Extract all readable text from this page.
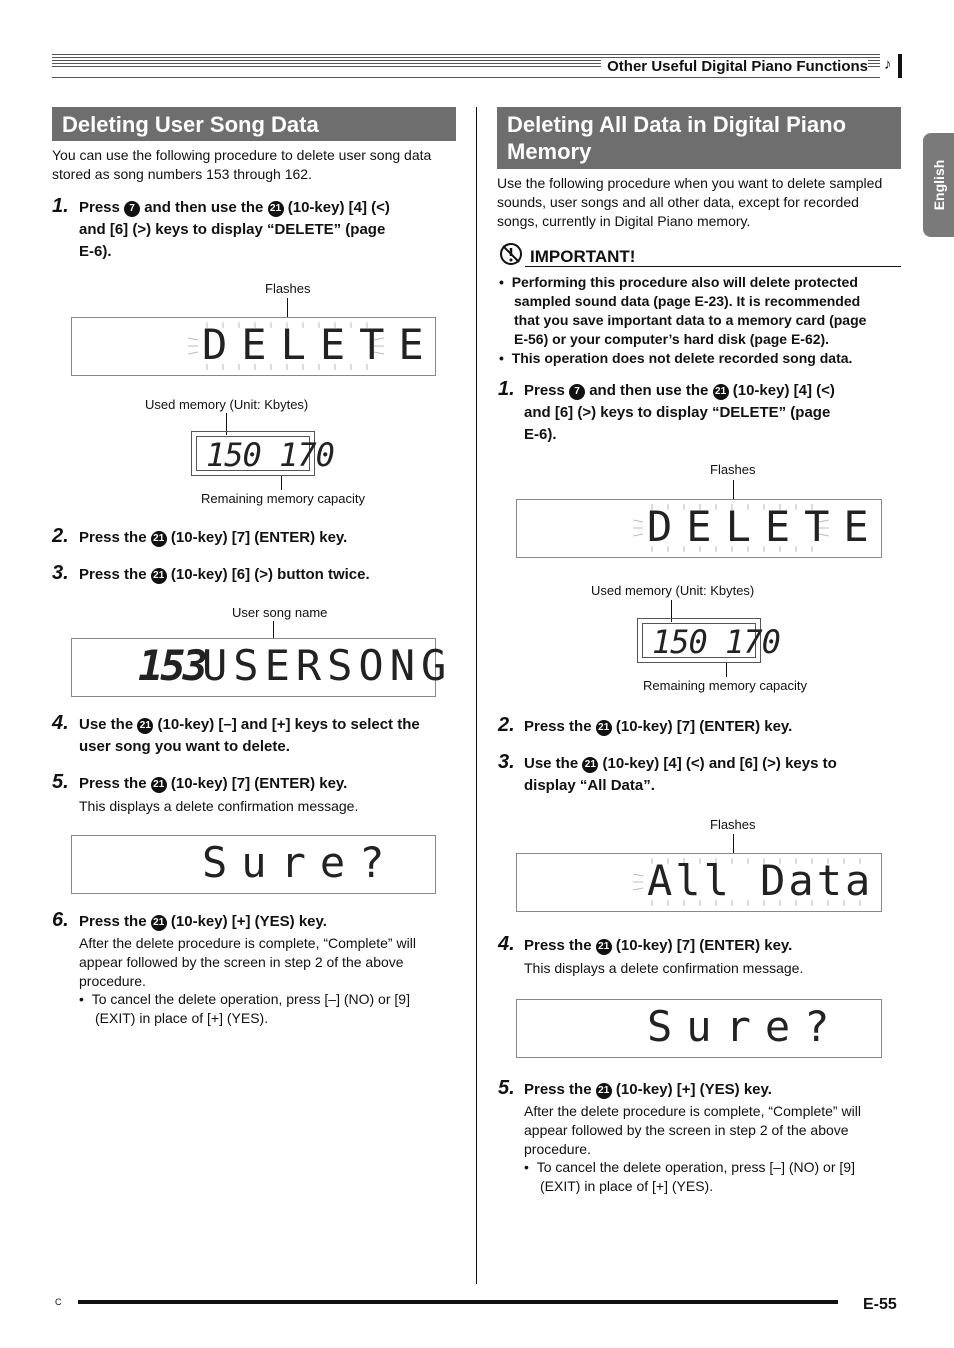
Other Useful Digital Piano Functions ♪
English
Deleting User Song Data
You can use the following procedure to delete user song data
stored as song numbers 153 through 162.
1. Press 7 and then use the 21 (10-key) [4] (<)
and [6] (>) keys to display “DELETE” (page
E-6).
Flashes
DELETE
Used memory (Unit: Kbytes)
150 170
Remaining memory capacity
2. Press the 21 (10-key) [7] (ENTER) key.
3. Press the 21 (10-key) [6] (>) button twice.
User song name
153
USERSONG
4. Use the 21 (10-key) [–] and [+] keys to select the
user song you want to delete.
5. Press the 21 (10-key) [7] (ENTER) key.
This displays a delete confirmation message.
Sure?
6. Press the 21 (10-key) [+] (YES) key.
After the delete procedure is complete, “Complete” will
appear followed by the screen in step 2 of the above
procedure.
•  To cancel the delete operation, press [–] (NO) or [9]
(EXIT) in place of [+] (YES).
Deleting All Data in Digital Piano
Memory
Use the following procedure when you want to delete sampled
sounds, user songs and all other data, except for recorded
songs, currently in Digital Piano memory.
IMPORTANT!
•  Performing this procedure also will delete protected
sampled sound data (page E-23). It is recommended
that you save important data to a memory card (page
E-56) or your computer’s hard disk (page E-62).
•  This operation does not delete recorded song data.
1. Press 7 and then use the 21 (10-key) [4] (<)
and [6] (>) keys to display “DELETE” (page
E-6).
Flashes
DELETE
Used memory (Unit: Kbytes)
150 170
Remaining memory capacity
2. Press the 21 (10-key) [7] (ENTER) key.
3. Use the 21 (10-key) [4] (<) and [6] (>) keys to
display “All Data”.
Flashes
All Data
4. Press the 21 (10-key) [7] (ENTER) key.
This displays a delete confirmation message.
Sure?
5. Press the 21 (10-key) [+] (YES) key.
After the delete procedure is complete, “Complete” will
appear followed by the screen in step 2 of the above
procedure.
•  To cancel the delete operation, press [–] (NO) or [9]
(EXIT) in place of [+] (YES).
C	E-55
